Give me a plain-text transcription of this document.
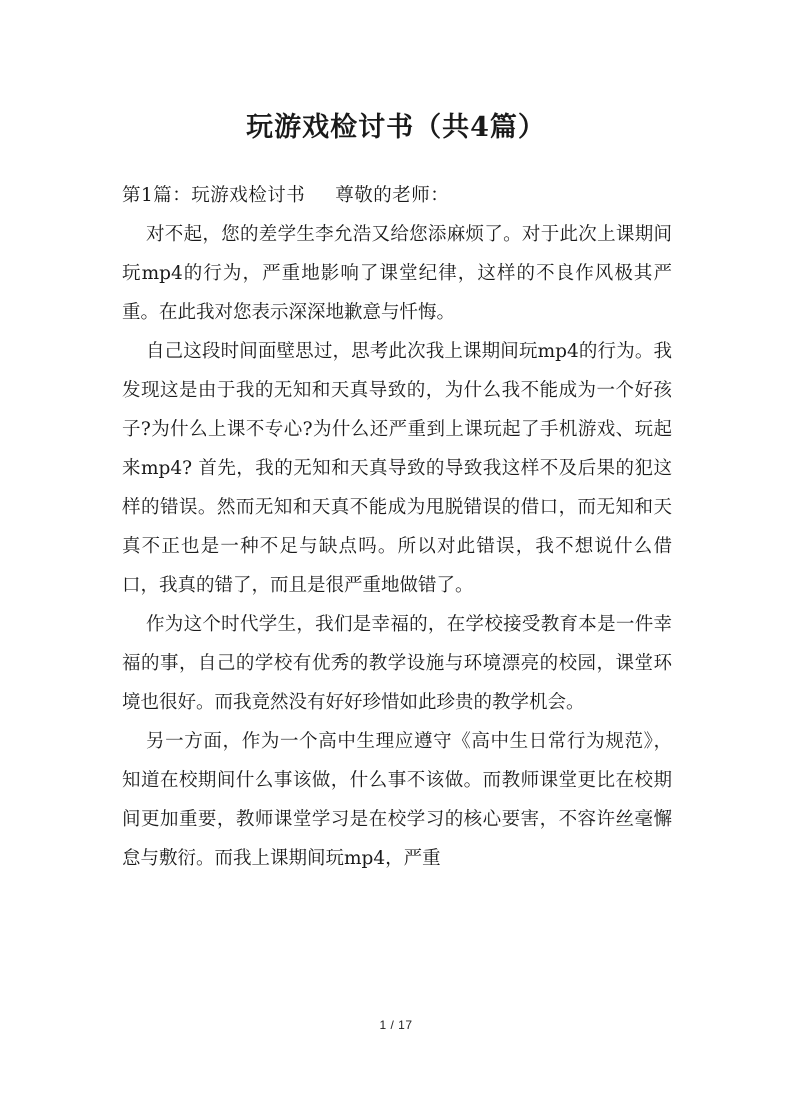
玩游戏检讨书（共4篇）

第1篇：玩游戏检讨书 尊敬的老师：

对不起，您的差学生李允浩又给您添麻烦了。对于此次上课期间玩mp4的行为，严重地影响了课堂纪律，这样的不良作风极其严重。在此我对您表示深深地歉意与忏悔。

自己这段时间面壁思过，思考此次我上课期间玩mp4的行为。我发现这是由于我的无知和天真导致的，为什么我不能成为一个好孩子?为什么上课不专心?为什么还严重到上课玩起了手机游戏、玩起来mp4? 首先，我的无知和天真导致的导致我这样不及后果的犯这样的错误。然而无知和天真不能成为甩脱错误的借口，而无知和天真不正也是一种不足与缺点吗。所以对此错误，我不想说什么借口，我真的错了，而且是很严重地做错了。

作为这个时代学生，我们是幸福的，在学校接受教育本是一件幸福的事，自己的学校有优秀的教学设施与环境漂亮的校园，课堂环境也很好。而我竟然没有好好珍惜如此珍贵的教学机会。

另一方面，作为一个高中生理应遵守《高中生日常行为规范》，知道在校期间什么事该做，什么事不该做。而教师课堂更比在校期间更加重要，教师课堂学习是在校学习的核心要害，不容许丝毫懈怠与敷衍。而我上课期间玩mp4，严重

1 / 17
